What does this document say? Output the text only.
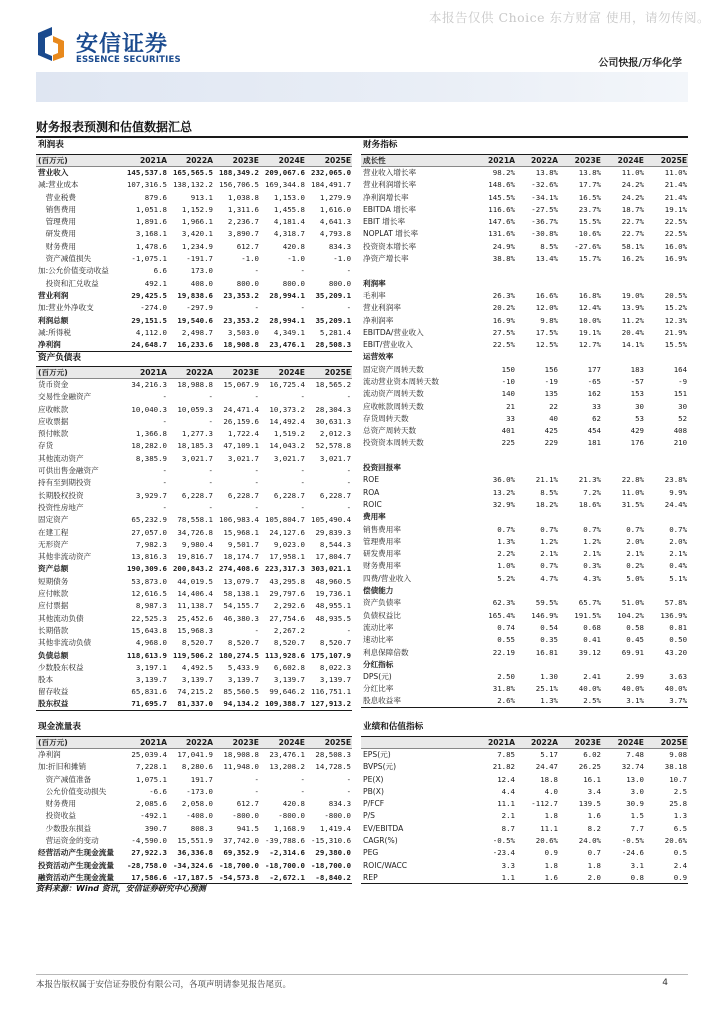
本报告仅供 Choice 东方财富 使用，请勿传阅。
安信证券
ESSENCE SECURITIES	公司快报/万华化学
财务报表预测和估值数据汇总
利润表					
(百万元)	2021A	2022A	2023E	2024E	2025E
营业收入	145,537.8	165,565.5	188,349.2	209,067.6	232,065.0
减:营业成本	107,316.5	138,132.2	156,706.5	169,344.8	184,491.7
　营业税费	879.6	913.1	1,038.8	1,153.0	1,279.9
　销售费用	1,051.8	1,152.9	1,311.6	1,455.8	1,616.0
　管理费用	1,891.6	1,966.1	2,236.7	4,181.4	4,641.3
　研发费用	3,168.1	3,420.1	3,890.7	4,318.7	4,793.8
　财务费用	1,478.6	1,234.9	612.7	420.8	834.3
　资产减值损失	-1,075.1	-191.7	-1.0	-1.0	-1.0
加:公允价值变动收益	6.6	173.0	-	-	-
　投资和汇兑收益	492.1	408.0	800.0	800.0	800.0
营业利润	29,425.5	19,838.6	23,353.2	28,994.1	35,209.1
加:营业外净收支	-274.0	-297.9	-	-	-
利润总额	29,151.5	19,540.6	23,353.2	28,994.1	35,209.1
减:所得税	4,112.0	2,498.7	3,503.0	4,349.1	5,281.4
净利润	24,648.7	16,233.6	18,908.8	23,476.1	28,508.3
资产负债表					
(百万元)	2021A	2022A	2023E	2024E	2025E
货币资金	34,216.3	18,988.8	15,067.9	16,725.4	18,565.2
交易性金融资产	-	-	-	-	-
应收帐款	10,040.3	10,059.3	24,471.4	10,373.2	28,304.3
应收票据	-	-	26,159.6	14,492.4	30,631.3
预付帐款	1,366.8	1,277.3	1,722.4	1,519.2	2,012.3
存货	18,282.0	18,185.3	47,109.1	14,043.2	52,578.8
其他流动资产	8,385.9	3,021.7	3,021.7	3,021.7	3,021.7
可供出售金融资产	-	-	-	-	-
持有至到期投资	-	-	-	-	-
长期股权投资	3,929.7	6,228.7	6,228.7	6,228.7	6,228.7
投资性房地产	-	-	-	-	-
固定资产	65,232.9	78,558.1	106,983.4	105,804.7	105,490.4
在建工程	27,057.0	34,726.8	15,968.1	24,127.6	29,839.3
无形资产	7,982.3	9,980.4	9,501.7	9,023.0	8,544.3
其他非流动资产	13,816.3	19,816.7	18,174.7	17,958.1	17,804.7
资产总额	190,309.6	200,843.2	274,408.6	223,317.3	303,021.1
短期债务	53,873.0	44,019.5	13,079.7	43,295.8	48,960.5
应付帐款	12,616.5	14,406.4	58,138.1	29,797.6	19,736.1
应付票据	8,987.3	11,138.7	54,155.7	2,292.6	48,955.1
其他流动负债	22,525.3	25,452.6	46,380.3	27,754.6	48,935.5
长期借款	15,643.8	15,968.3	-	2,267.2	-
其他非流动负债	4,968.0	8,520.7	8,520.7	8,520.7	8,520.7
负债总额	118,613.9	119,506.2	180,274.5	113,928.6	175,107.9
少数股东权益	3,197.1	4,492.5	5,433.9	6,602.8	8,022.3
股本	3,139.7	3,139.7	3,139.7	3,139.7	3,139.7
留存收益	65,831.6	74,215.2	85,560.5	99,646.2	116,751.1
股东权益	71,695.7	81,337.0	94,134.2	109,388.7	127,913.2
财务指标					
成长性	2021A	2022A	2023E	2024E	2025E
营业收入增长率	98.2%	13.8%	13.8%	11.0%	11.0%
营业利润增长率	148.6%	-32.6%	17.7%	24.2%	21.4%
净利润增长率	145.5%	-34.1%	16.5%	24.2%	21.4%
EBITDA 增长率	116.6%	-27.5%	23.7%	18.7%	19.1%
EBIT 增长率	147.6%	-36.7%	15.5%	22.7%	22.5%
NOPLAT 增长率	131.6%	-30.8%	10.6%	22.7%	22.5%
投资资本增长率	24.9%	8.5%	-27.6%	58.1%	16.0%
净资产增长率	38.8%	13.4%	15.7%	16.2%	16.9%

利润率					
毛利率	26.3%	16.6%	16.8%	19.0%	20.5%
营业利润率	20.2%	12.0%	12.4%	13.9%	15.2%
净利润率	16.9%	9.8%	10.0%	11.2%	12.3%
EBITDA/营业收入	27.5%	17.5%	19.1%	20.4%	21.9%
EBIT/营业收入	22.5%	12.5%	12.7%	14.1%	15.5%
运营效率					
固定资产周转天数	150	156	177	183	164
流动营业资本周转天数	-10	-19	-65	-57	-9
流动资产周转天数	140	135	162	153	151
应收帐款周转天数	21	22	33	30	30
存货周转天数	33	40	62	53	52
总资产周转天数	401	425	454	429	408
投资资本周转天数	225	229	181	176	210

投资回报率					
ROE	36.0%	21.1%	21.3%	22.8%	23.8%
ROA	13.2%	8.5%	7.2%	11.0%	9.9%
ROIC	32.9%	18.2%	18.6%	31.5%	24.4%
费用率					
销售费用率	0.7%	0.7%	0.7%	0.7%	0.7%
管理费用率	1.3%	1.2%	1.2%	2.0%	2.0%
研发费用率	2.2%	2.1%	2.1%	2.1%	2.1%
财务费用率	1.0%	0.7%	0.3%	0.2%	0.4%
四费/营业收入	5.2%	4.7%	4.3%	5.0%	5.1%
偿债能力					
资产负债率	62.3%	59.5%	65.7%	51.0%	57.8%
负债权益比	165.4%	146.9%	191.5%	104.2%	136.9%
流动比率	0.74	0.54	0.68	0.58	0.81
速动比率	0.55	0.35	0.41	0.45	0.50
利息保障倍数	22.19	16.81	39.12	69.91	43.20
分红指标					
DPS(元)	2.50	1.30	2.41	2.99	3.63
分红比率	31.8%	25.1%	40.0%	40.0%	40.0%
股息收益率	2.6%	1.3%	2.5%	3.1%	3.7%
现金流量表					
(百万元)	2021A	2022A	2023E	2024E	2025E
净利润	25,039.4	17,041.9	18,908.8	23,476.1	28,508.3
加:折旧和摊销	7,228.1	8,280.6	11,948.0	13,208.2	14,728.5
　资产减值准备	1,075.1	191.7	-	-	-
　公允价值变动损失	-6.6	-173.0	-	-	-
　财务费用	2,085.6	2,058.0	612.7	420.8	834.3
　投资收益	-492.1	-408.0	-800.0	-800.0	-800.0
　少数股东损益	390.7	808.3	941.5	1,168.9	1,419.4
　营运资金的变动	-4,590.0	15,551.9	37,742.0	-39,788.6	-15,310.6
经营活动产生现金流量	27,922.3	36,336.8	69,352.9	-2,314.6	29,380.0
投资活动产生现金流量	-28,758.0	-34,324.6	-18,700.0	-18,700.0	-18,700.0
融资活动产生现金流量	17,586.6	-17,187.5	-54,573.8	-2,672.1	-8,840.2
业绩和估值指标					
	2021A	2022A	2023E	2024E	2025E
EPS(元)	7.85	5.17	6.02	7.48	9.08
BVPS(元)	21.82	24.47	26.25	32.74	38.18
PE(X)	12.4	18.8	16.1	13.0	10.7
PB(X)	4.4	4.0	3.4	3.0	2.5
P/FCF	11.1	-112.7	139.5	30.9	25.8
P/S	2.1	1.8	1.6	1.5	1.3
EV/EBITDA	8.7	11.1	8.2	7.7	6.5
CAGR(%)	-0.5%	20.6%	24.0%	-0.5%	20.6%
PEG	-23.4	0.9	0.7	-24.6	0.5
ROIC/WACC	3.3	1.8	1.8	3.1	2.4
REP	1.1	1.6	2.0	0.8	0.9
资料来源：Wind 资讯，安信证券研究中心预测
本报告版权属于安信证券股份有限公司，各项声明请参见报告尾页。	4
